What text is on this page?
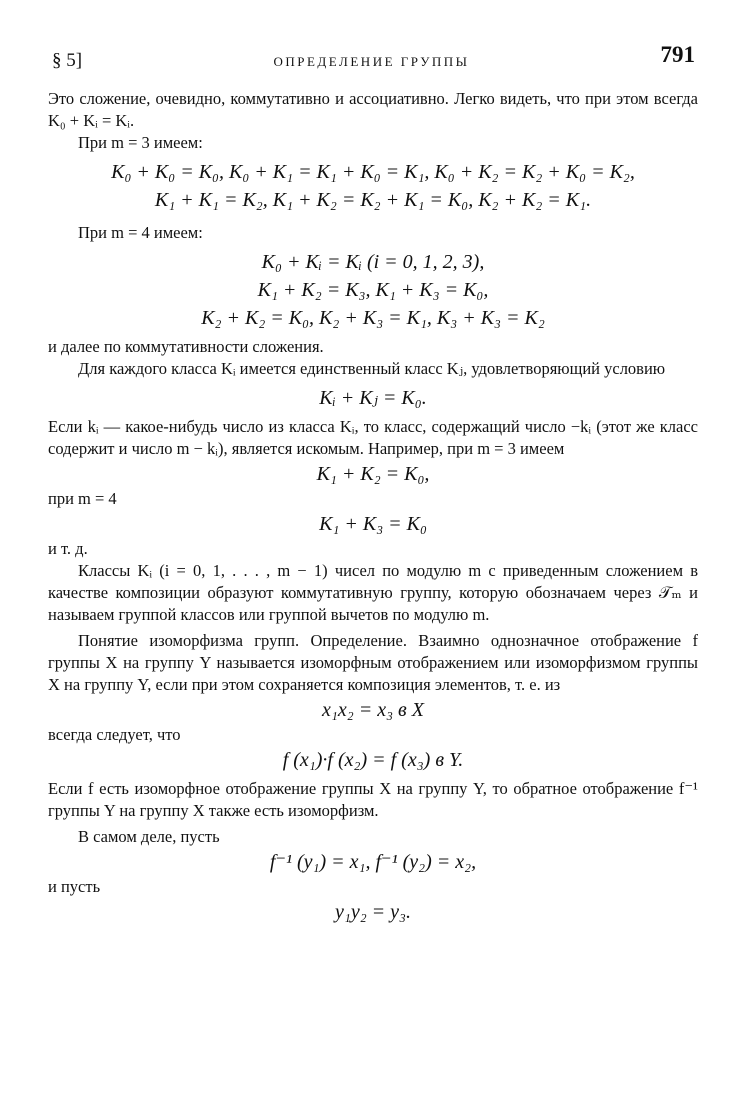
§ 5]	ОПРЕДЕЛЕНИЕ ГРУППЫ	791

Это сложение, очевидно, коммутативно и ассоциативно. Легко видеть, что при этом всегда K₀ + Kᵢ = Kᵢ.

При m = 3 имеем:

K₀ + K₀ = K₀, K₀ + K₁ = K₁ + K₀ = K₁, K₀ + K₂ = K₂ + K₀ = K₂,
K₁ + K₁ = K₂, K₁ + K₂ = K₂ + K₁ = K₀, K₂ + K₂ = K₁.

При m = 4 имеем:

K₀ + Kᵢ = Kᵢ (i = 0, 1, 2, 3),
K₁ + K₂ = K₃, K₁ + K₃ = K₀,
K₂ + K₂ = K₀, K₂ + K₃ = K₁, K₃ + K₃ = K₂

и далее по коммутативности сложения.

Для каждого класса Kᵢ имеется единственный класс Kⱼ, удовлетворяющий условию

Kᵢ + Kⱼ = K₀.

Если kᵢ — какое-нибудь число из класса Kᵢ, то класс, содержащий число −kᵢ (этот же класс содержит и число m − kᵢ), является искомым. Например, при m = 3 имеем

K₁ + K₂ = K₀,

при m = 4

K₁ + K₃ = K₀

и т. д.

Классы Kᵢ (i = 0, 1, . . . , m − 1) чисел по модулю m с приведенным сложением в качестве композиции образуют коммутативную группу, которую обозначаем через 𝒯ₘ и называем группой классов или группой вычетов по модулю m.

Понятие изоморфизма групп. Определение. Взаимно однозначное отображение f группы X на группу Y называется изоморфным отображением или изоморфизмом группы X на группу Y, если при этом сохраняется композиция элементов, т. е. из

x₁x₂ = x₃ в X

всегда следует, что

f (x₁)·f (x₂) = f (x₃) в Y.

Если f есть изоморфное отображение группы X на группу Y, то обратное отображение f⁻¹ группы Y на группу X также есть изоморфизм.

В самом деле, пусть

f⁻¹ (y₁) = x₁, f⁻¹ (y₂) = x₂,

и пусть

y₁y₂ = y₃.
